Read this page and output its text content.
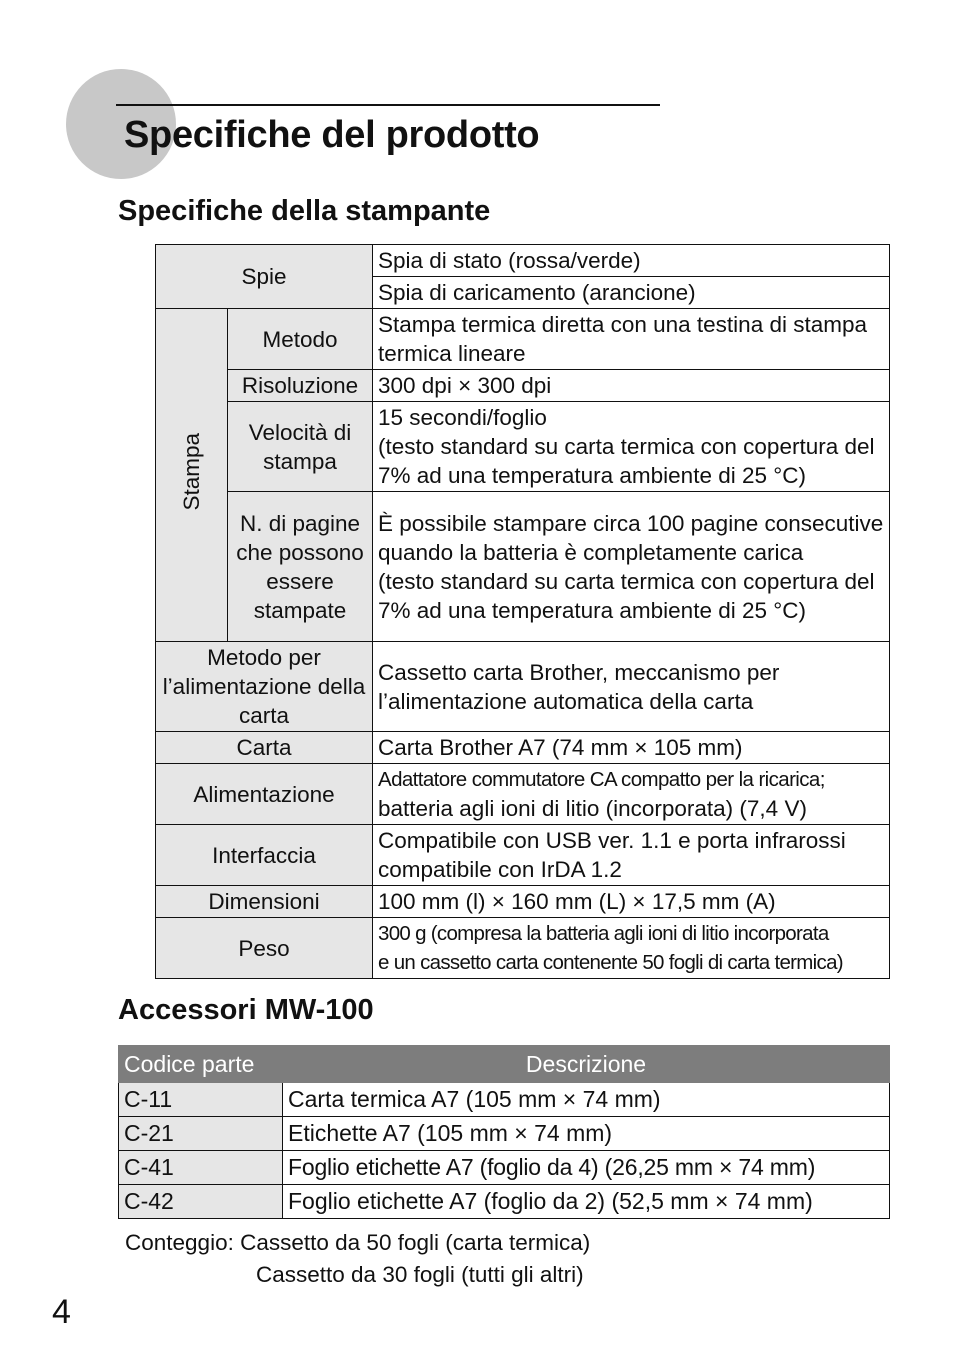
Specifiche del prodotto
Specifiche della stampante
Spie		Spia di stato (rossa/verde)
		Spia di caricamento (arancione)
Stampa	Metodo	Stampa termica diretta con una testina di stampa termica lineare
	Risoluzione	300 dpi × 300 dpi
	Velocità di stampa	15 secondi/foglio
(testo standard su carta termica con copertura del 7% ad una temperatura ambiente di 25 °C)

	N. di pagine che possono essere stampate	È possibile stampare circa 100 pagine consecutive quando la batteria è completamente carica
(testo standard su carta termica con copertura del 7% ad una temperatura ambiente di 25 °C)

Metodo per l’alimentazione della carta		Cassetto carta Brother, meccanismo per l’alimentazione automatica della carta
Carta		Carta Brother A7 (74 mm × 105 mm)
Alimentazione		Adattatore commutatore CA compatto per la ricarica;
batteria agli ioni di litio (incorporata) (7,4 V)

Interfaccia		Compatibile con USB ver. 1.1 e porta infrarossi compatibile con IrDA 1.2
Dimensioni		100 mm (l) × 160 mm (L) × 17,5 mm (A)
Peso		300 g (compresa la batteria agli ioni di litio incorporata
e un cassetto carta contenente 50 fogli di carta termica)
Accessori MW-100
Codice parte	Descrizione
C-11	Carta termica A7 (105 mm × 74 mm)
C-21	Etichette A7 (105 mm × 74 mm)
C-41	Foglio etichette A7 (foglio da 4) (26,25 mm × 74 mm)
C-42	Foglio etichette A7 (foglio da 2) (52,5 mm × 74 mm)
Conteggio: Cassetto da 50 fogli (carta termica)
Cassetto da 30 fogli (tutti gli altri)
4
